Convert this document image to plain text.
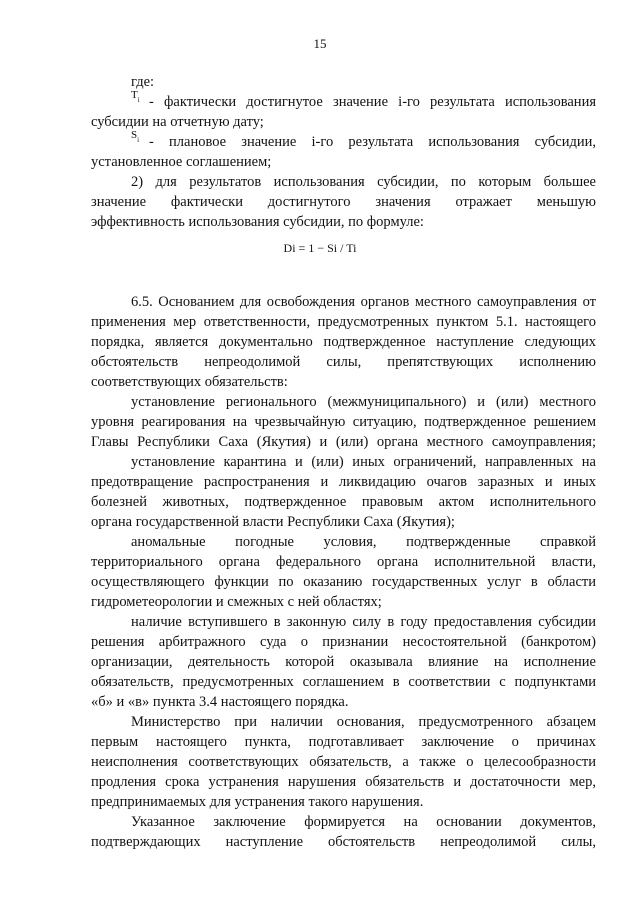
15
где:
$T_i$ - фактически достигнутое значение i-го результата использования
субсидии на отчетную дату;
$S_i$ - плановое значение i-го результата использования субсидии,
установленное соглашением;
2) для результатов использования субсидии, по которым большее
значение фактически достигнутого значения отражает меньшую
эффективность использования субсидии, по формуле:
Di = 1 − Si / Ti
6.5. Основанием для освобождения органов местного самоуправления от
применения мер ответственности, предусмотренных пунктом 5.1. настоящего
порядка, является документально подтвержденное наступление следующих
обстоятельств непреодолимой силы, препятствующих исполнению
соответствующих обязательств:
установление регионального (межмуниципального) и (или) местного
уровня реагирования на чрезвычайную ситуацию, подтвержденное решением
Главы Республики Саха (Якутия) и (или) органа местного самоуправления;
установление карантина и (или) иных ограничений, направленных на
предотвращение распространения и ликвидацию очагов заразных и иных
болезней животных, подтвержденное правовым актом исполнительного
органа государственной власти Республики Саха (Якутия);
аномальные погодные условия, подтвержденные справкой
территориального органа федерального органа исполнительной власти,
осуществляющего функции по оказанию государственных услуг в области
гидрометеорологии и смежных с ней областях;
наличие вступившего в законную силу в году предоставления субсидии
решения арбитражного суда о признании несостоятельной (банкротом)
организации, деятельность которой оказывала влияние на исполнение
обязательств, предусмотренных соглашением в соответствии с подпунктами
«б» и «в» пункта 3.4 настоящего порядка.
Министерство при наличии основания, предусмотренного абзацем
первым настоящего пункта, подготавливает заключение о причинах
неисполнения соответствующих обязательств, а также о целесообразности
продления срока устранения нарушения обязательств и достаточности мер,
предпринимаемых для устранения такого нарушения.
Указанное заключение формируется на основании документов,
подтверждающих наступление обстоятельств непреодолимой силы,
